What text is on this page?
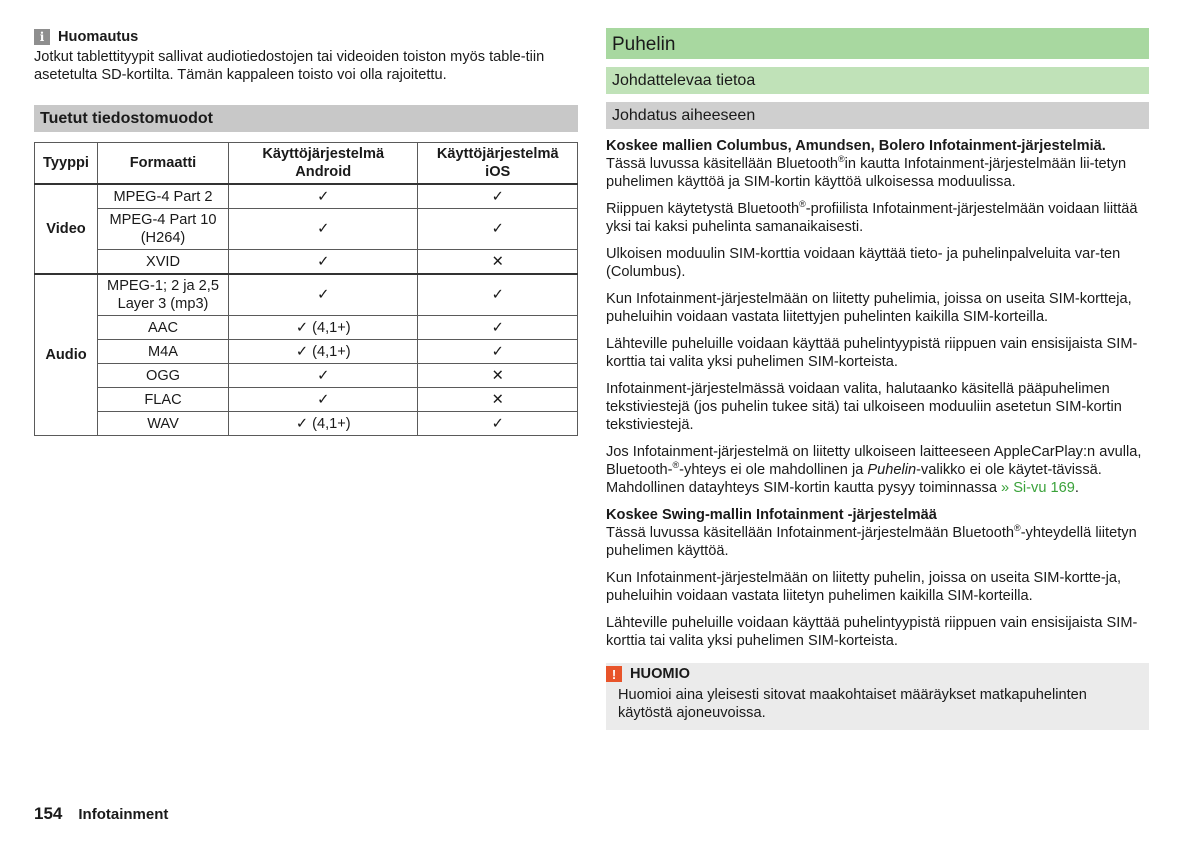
i Huomautus

Jotkut tablettityypit sallivat audiotiedostojen tai videoiden toiston myös table-tiin asetetulta SD-kortilta. Tämän kappaleen toisto voi olla rajoitettu.

Tuetut tiedostomuodot
Tyyppi	Formaatti	Käyttöjärjestelmä Android	Käyttöjärjestelmä iOS
Video	MPEG-4 Part 2	✓	✓
	MPEG-4 Part 10 (H264)	✓	✓
	XVID	✓	✕
Audio	MPEG-1; 2 ja 2,5 Layer 3 (mp3)	✓	✓
	AAC	✓ (4,1+)	✓
	M4A	✓ (4,1+)	✓
	OGG	✓	✕
	FLAC	✓	✕
	WAV	✓ (4,1+)	✓
Puhelin
Johdattelevaa tietoa
Johdatus aiheeseen

Koskee mallien Columbus, Amundsen, Bolero Infotainment-järjestelmiä.
Tässä luvussa käsitellään Bluetooth®in kautta Infotainment-järjestelmään lii-tetyn puhelimen käyttöä ja SIM-kortin käyttöä ulkoisessa moduulissa.

Riippuen käytetystä Bluetooth®-profiilista Infotainment-järjestelmään voidaan liittää yksi tai kaksi puhelinta samanaikaisesti.

Ulkoisen moduulin SIM-korttia voidaan käyttää tieto- ja puhelinpalveluita var-ten (Columbus).

Kun Infotainment-järjestelmään on liitetty puhelimia, joissa on useita SIM-kortteja, puheluihin voidaan vastata liitettyjen puhelinten kaikilla SIM-korteilla.

Lähteville puheluille voidaan käyttää puhelintyypistä riippuen vain ensisijaista SIM-korttia tai valita yksi puhelimen SIM-korteista.

Infotainment-järjestelmässä voidaan valita, halutaanko käsitellä pääpuhelimen tekstiviestejä (jos puhelin tukee sitä) tai ulkoiseen moduuliin asetetun SIM-kortin tekstiviestejä.

Jos Infotainment-järjestelmä on liitetty ulkoiseen laitteeseen AppleCarPlay:n avulla, Bluetooth-®-yhteys ei ole mahdollinen ja Puhelin-valikko ei ole käytet-tävissä. Mahdollinen datayhteys SIM-kortin kautta pysyy toiminnassa » Si-vu 169.

Koskee Swing-mallin Infotainment -järjestelmää
Tässä luvussa käsitellään Infotainment-järjestelmään Bluetooth®-yhteydellä liitetyn puhelimen käyttöä.

Kun Infotainment-järjestelmään on liitetty puhelin, joissa on useita SIM-kortte-ja, puheluihin voidaan vastata liitetyn puhelimen kaikilla SIM-korteilla.

Lähteville puheluille voidaan käyttää puhelintyypistä riippuen vain ensisijaista SIM-korttia tai valita yksi puhelimen SIM-korteista.

! HUOMIO
Huomioi aina yleisesti sitovat maakohtaiset määräykset matkapuhelinten käytöstä ajoneuvoissa.
154 Infotainment
